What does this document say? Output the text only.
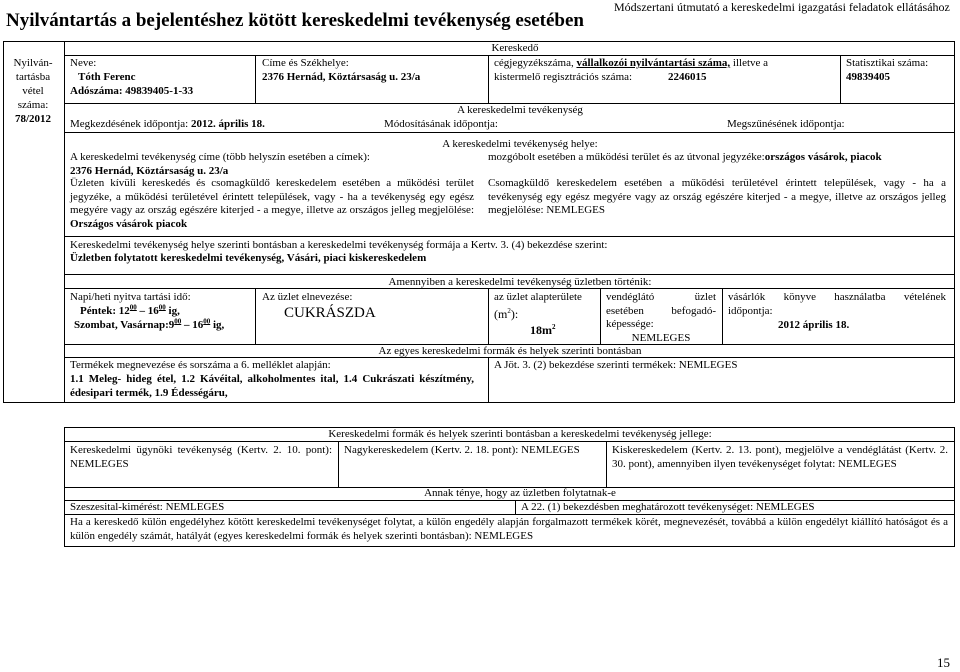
Nyilvántartás a bejelentéshez kötött kereskedelmi tevékenység esetében
Módszertani útmutató a kereskedelmi igazgatási feladatok ellátásához
Nyilván-
tartásba
vétel
száma:
78/2012
Kereskedő
Neve:
Tóth Ferenc
Adószáma: 49839405-1-33
Címe és Székhelye:
2376 Hernád, Köztársaság u. 23/a
cégjegyzékszáma, vállalkozói nyilvántartási száma, illetve a
kistermelő regisztrációs száma:	2246015
Statisztikai száma:
49839405
A kereskedelmi tevékenység
Megkezdésének időpontja: 2012. április 18.	Módosításának időpontja:	Megszűnésének időpontja:
A kereskedelmi tevékenység helye:
A kereskedelmi tevékenység címe (több helyszín esetében a címek):
2376 Hernád, Köztársaság u. 23/a
mozgóbolt esetében a működési terület és az útvonal jegyzéke:országos vásárok, piacok
Üzleten kívüli kereskedés és csomagküldő kereskedelem esetében a működési terület jegyzéke, a működési területével érintett települések, vagy - ha a tevékenység egy egész megyére vagy az ország egészére kiterjed - a megye, illetve az országos jelleg megjelölése: Országos vásárok piacok
Csomagküldő kereskedelem esetében a működési területével érintett települések, vagy - ha a tevékenység egy egész megyére vagy az ország egészére kiterjed - a megye, illetve az országos jelleg megjelölése: NEMLEGES
Kereskedelmi tevékenység helye szerinti bontásban a kereskedelmi tevékenység formája a Kertv. 3. (4) bekezdése szerint:
Üzletben folytatott kereskedelmi tevékenység, Vásári, piaci kiskereskedelem
Amennyiben a kereskedelmi tevékenység üzletben történik:
Napi/heti nyitva tartási idő:
Péntek: $12^{00} - 16^{00}$ ig,
Szombat, $Vasárnap:9^{00} - 16^{00}$ ig,
Az üzlet elnevezése:
CUKRÁSZDA
az üzlet alapterülete
$(m^2)$:
$18m^2$
vendéglátó üzlet esetében befogadó-képessége:
NEMLEGES
vásárlók könyve használatba vételének időpontja:
2012 április 18.
Az egyes kereskedelmi formák és helyek szerinti bontásban
Termékek megnevezése és sorszáma a 6. melléklet alapján:
1.1 Meleg- hideg étel, 1.2 Kávéital, alkoholmentes ital, 1.4 Cukrászati készítmény, édesipari termék, 1.9 Édességáru,
A Jöt. 3. (2) bekezdése szerinti termékek: NEMLEGES
Kereskedelmi formák és helyek szerinti bontásban a kereskedelmi tevékenység jellege:
Kereskedelmi ügynöki tevékenység (Kertv. 2. 10. pont): NEMLEGES
Nagykereskedelem (Kertv. 2. 18. pont): NEMLEGES	Kiskereskedelem (Kertv. 2. 13. pont), megjelölve a vendéglátást (Kertv. 2. 30. pont), amennyiben ilyen tevékenységet folytat: NEMLEGES
Annak ténye, hogy az üzletben folytatnak-e
Szeszesital-kimérést: NEMLEGES	A 22. (1) bekezdésben meghatározott tevékenységet: NEMLEGES
Ha a kereskedő külön engedélyhez kötött kereskedelmi tevékenységet folytat, a külön engedély alapján forgalmazott termékek körét, megnevezését, továbbá a külön engedélyt kiállító hatóságot és a külön engedély számát, hatályát (egyes kereskedelmi formák és helyek szerinti bontásban): NEMLEGES
15
